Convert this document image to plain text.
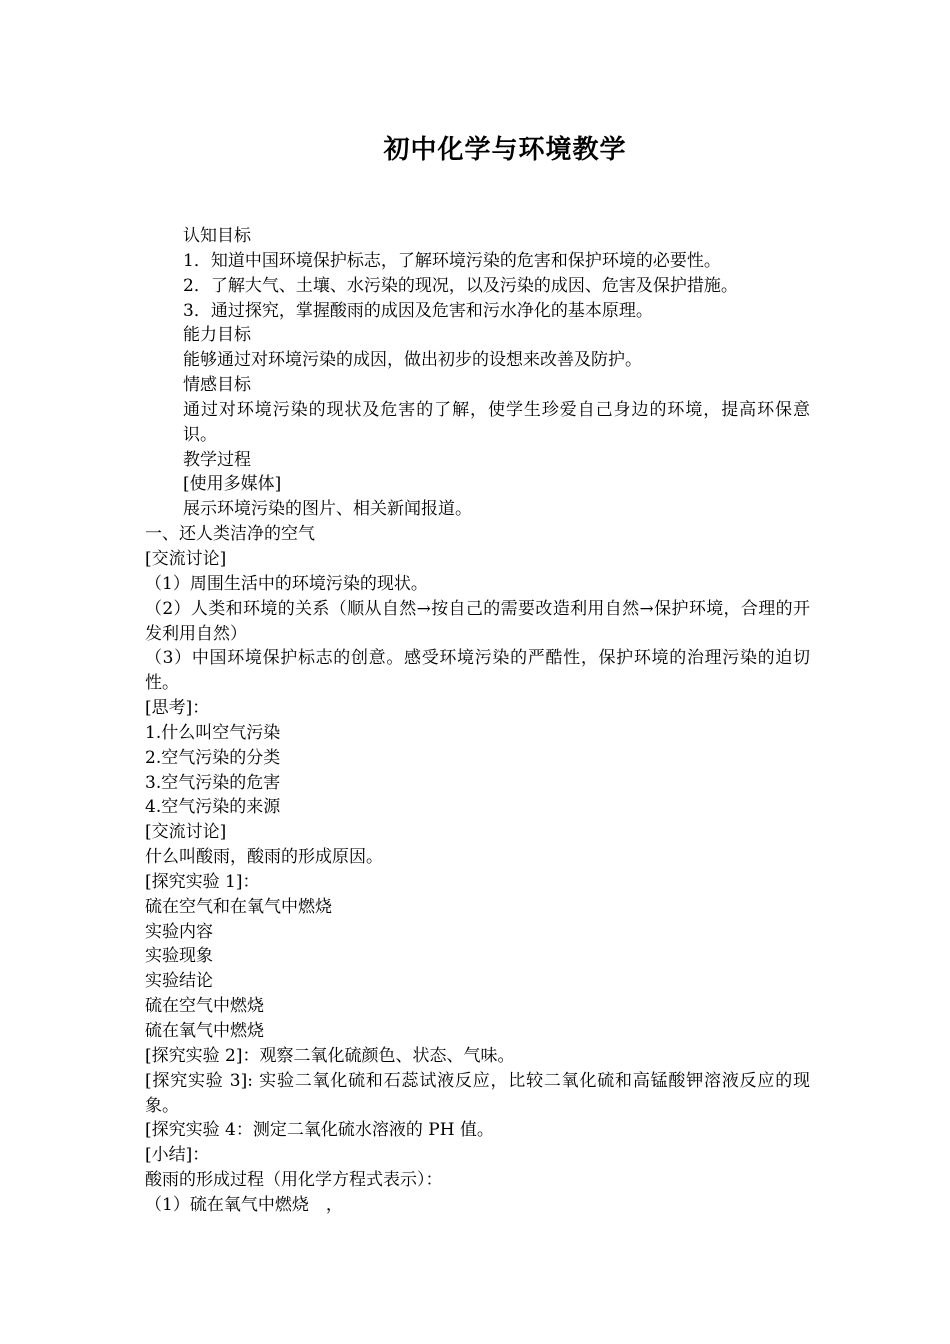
初中化学与环境教学
认知目标
1．知道中国环境保护标志，了解环境污染的危害和保护环境的必要性。
2．了解大气、土壤、水污染的现况，以及污染的成因、危害及保护措施。
3．通过探究，掌握酸雨的成因及危害和污水净化的基本原理。
能力目标
能够通过对环境污染的成因，做出初步的设想来改善及防护。
情感目标
通过对环境污染的现状及危害的了解，使学生珍爱自己身边的环境，提高环保意识。
教学过程
[使用多媒体]
展示环境污染的图片、相关新闻报道。
一、还人类洁净的空气
[交流讨论]
（1）周围生活中的环境污染的现状。
（2）人类和环境的关系（顺从自然→按自己的需要改造利用自然→保护环境，合理的开发利用自然）
（3）中国环境保护标志的创意。感受环境污染的严酷性，保护环境的治理污染的迫切性。
[思考]：
1.什么叫空气污染
2.空气污染的分类
3.空气污染的危害
4.空气污染的来源
[交流讨论]
什么叫酸雨，酸雨的形成原因。
[探究实验 1]：
硫在空气和在氧气中燃烧
实验内容
实验现象
实验结论
硫在空气中燃烧
硫在氧气中燃烧
[探究实验 2]：观察二氧化硫颜色、状态、气味。
[探究实验 3]: 实验二氧化硫和石蕊试液反应，比较二氧化硫和高锰酸钾溶液反应的现象。
[探究实验 4：测定二氧化硫水溶液的 PH 值。
[小结]：
酸雨的形成过程（用化学方程式表示）：
（1）硫在氧气中燃烧　，
